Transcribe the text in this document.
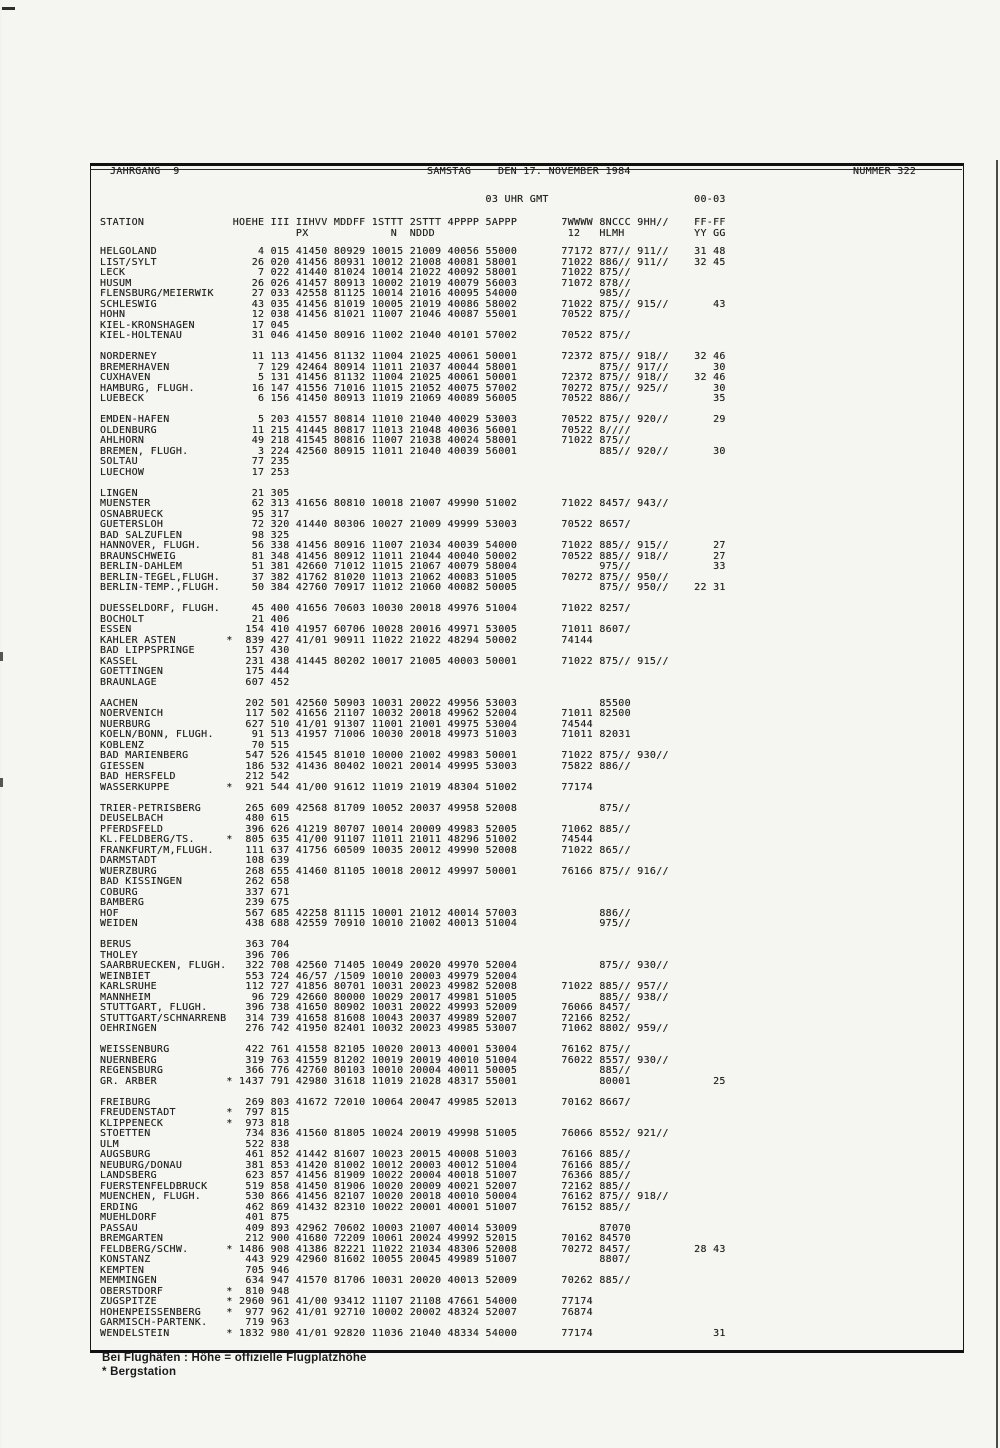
JAHRGANG  9	SAMSTAG	DEN 17. NOVEMBER 1984	NUMMER 322
03 UHR GMT                       00-03
STATION              HOEHE III IIHVV MDDFF 1STTT 2STTT 4PPPP 5APPP       7WWWW 8NCCC 9HH//    FF-FF
PX             N  NDDD                     12   HLMH           YY GG
HELGOLAND                4 015 41450 80929 10015 21009 40056 55000       77172 877// 911//    31 48
LIST/SYLT               26 020 41456 80931 10012 21008 40081 58001       71022 886// 911//    32 45
LECK                     7 022 41440 81024 10014 21022 40092 58001       71022 875//
HUSUM                   26 026 41457 80913 10002 21019 40079 56003       71072 878//
FLENSBURG/MEIERWIK      27 033 42558 81125 10014 21016 40095 54000             985//
SCHLESWIG               43 035 41456 81019 10005 21019 40086 58002       71022 875// 915//       43
HOHN                    12 038 41456 81021 11007 21046 40087 55001       70522 875//
KIEL-KRONSHAGEN         17 045
KIEL-HOLTENAU           31 046 41450 80916 11002 21040 40101 57002       70522 875//
NORDERNEY               11 113 41456 81132 11004 21025 40061 50001       72372 875// 918//    32 46
BREMERHAVEN              7 129 42464 80914 11011 21037 40044 58001             875// 917//       30
CUXHAVEN                 5 131 41456 81132 11004 21025 40061 50001       72372 875// 918//    32 46
HAMBURG, FLUGH.         16 147 41556 71016 11015 21052 40075 57002       70272 875// 925//       30
LUEBECK                  6 156 41450 80913 11019 21069 40089 56005       70522 886//             35
EMDEN-HAFEN              5 203 41557 80814 11010 21040 40029 53003       70522 875// 920//       29
OLDENBURG               11 215 41445 80817 11013 21048 40036 56001       70522 8////
AHLHORN                 49 218 41545 80816 11007 21038 40024 58001       71022 875//
BREMEN, FLUGH.           3 224 42560 80915 11011 21040 40039 56001             885// 920//       30
SOLTAU                  77 235
LUECHOW                 17 253
LINGEN                  21 305
MUENSTER                62 313 41656 80810 10018 21007 49990 51002       71022 8457/ 943//
OSNABRUECK              95 317
GUETERSLOH              72 320 41440 80306 10027 21009 49999 53003       70522 8657/
BAD SALZUFLEN           98 325
HANNOVER, FLUGH.        56 338 41456 80916 11007 21034 40039 54000       71022 885// 915//       27
BRAUNSCHWEIG            81 348 41456 80912 11011 21044 40040 50002       70522 885// 918//       27
BERLIN-DAHLEM           51 381 42660 71012 11015 21067 40079 58004             975//             33
BERLIN-TEGEL,FLUGH.     37 382 41762 81020 11013 21062 40083 51005       70272 875// 950//
BERLIN-TEMP.,FLUGH.     50 384 42760 70917 11012 21060 40082 50005             875// 950//    22 31
DUESSELDORF, FLUGH.     45 400 41656 70603 10030 20018 49976 51004       71022 8257/
BOCHOLT                 21 406
ESSEN                  154 410 41957 60706 10028 20016 49971 53005       71011 8607/
KAHLER ASTEN        *  839 427 41/01 90911 11022 21022 48294 50002       74144
BAD LIPPSPRINGE        157 430
KASSEL                 231 438 41445 80202 10017 21005 40003 50001       71022 875// 915//
GOETTINGEN             175 444
BRAUNLAGE              607 452
AACHEN                 202 501 42560 50903 10031 20022 49956 53003             85500
NOERVENICH             117 502 41656 21107 10032 20018 49962 52004       71011 82500
NUERBURG               627 510 41/01 91307 11001 21001 49975 53004       74544
KOELN/BONN, FLUGH.      91 513 41957 71006 10030 20018 49973 51003       71011 82031
KOBLENZ                 70 515
BAD MARIENBERG         547 526 41545 81010 10000 21002 49983 50001       71022 875// 930//
GIESSEN                186 532 41436 80402 10021 20014 49995 53003       75822 886//
BAD HERSFELD           212 542
WASSERKUPPE         *  921 544 41/00 91612 11019 21019 48304 51002       77174
TRIER-PETRISBERG       265 609 42568 81709 10052 20037 49958 52008             875//
DEUSELBACH             480 615
PFERDSFELD             396 626 41219 80707 10014 20009 49983 52005       71062 885//
KL.FELDBERG/TS.     *  805 635 41/00 91107 11011 21011 48296 51002       74544
FRANKFURT/M,FLUGH.     111 637 41756 60509 10035 20012 49990 52008       71022 865//
DARMSTADT              108 639
WUERZBURG              268 655 41460 81105 10018 20012 49997 50001       76166 875// 916//
BAD KISSINGEN          262 658
COBURG                 337 671
BAMBERG                239 675
HOF                    567 685 42258 81115 10001 21012 40014 57003             886//
WEIDEN                 438 688 42559 70910 10010 21002 40013 51004             975//
BERUS                  363 704
THOLEY                 396 706
SAARBRUECKEN, FLUGH.   322 708 42560 71405 10049 20020 49970 52004             875// 930//
WEINBIET               553 724 46/57 /1509 10010 20003 49979 52004
KARLSRUHE              112 727 41856 80701 10031 20023 49982 52008       71022 885// 957//
MANNHEIM                96 729 42660 80000 10029 20017 49981 51005             885// 938//
STUTTGART, FLUGH.      396 738 41650 80902 10031 20022 49993 52009       76066 8457/
STUTTGART/SCHNARRENB   314 739 41658 81608 10043 20037 49989 52007       72166 8252/
OEHRINGEN              276 742 41950 82401 10032 20023 49985 53007       71062 8802/ 959//
WEISSENBURG            422 761 41558 82105 10020 20013 40001 53004       76162 875//
NUERNBERG              319 763 41559 81202 10019 20019 40010 51004       76022 8557/ 930//
REGENSBURG             366 776 42760 80103 10010 20004 40011 50005             885//
GR. ARBER           * 1437 791 42980 31618 11019 21028 48317 55001             80001             25
FREIBURG               269 803 41672 72010 10064 20047 49985 52013       70162 8667/
FREUDENSTADT        *  797 815
KLIPPENECK          *  973 818
STOETTEN               734 836 41560 81805 10024 20019 49998 51005       76066 8552/ 921//
ULM                    522 838
AUGSBURG               461 852 41442 81607 10023 20015 40008 51003       76166 885//
NEUBURG/DONAU          381 853 41420 81002 10012 20003 40012 51004       76166 885//
LANDSBERG              623 857 41456 81909 10022 20004 40018 51007       76366 885//
FUERSTENFELDBRUCK      519 858 41450 81906 10020 20009 40021 52007       72162 885//
MUENCHEN, FLUGH.       530 866 41456 82107 10020 20018 40010 50004       76162 875// 918//
ERDING                 462 869 41432 82310 10022 20001 40001 51007       76152 885//
MUEHLDORF              401 875
PASSAU                 409 893 42962 70602 10003 21007 40014 53009             87070
BREMGARTEN             212 900 41680 72209 10061 20024 49992 52015       70162 84570
FELDBERG/SCHW.      * 1486 908 41386 82221 11022 21034 48306 52008       70272 8457/          28 43
KONSTANZ               443 929 42960 81602 10055 20045 49989 51007             8807/
KEMPTEN                705 946
MEMMINGEN              634 947 41570 81706 10031 20020 40013 52009       70262 885//
OBERSTDORF          *  810 948
ZUGSPITZE           * 2960 961 41/00 93412 11107 21108 47661 54000       77174
HOHENPEISSENBERG    *  977 962 41/01 92710 10002 20002 48324 52007       76874
GARMISCH-PARTENK.      719 963
WENDELSTEIN         * 1832 980 41/01 92820 11036 21040 48334 54000       77174                   31
Bei Flughäfen : Höhe = offizielle Flugplatzhöhe
* Bergstation
